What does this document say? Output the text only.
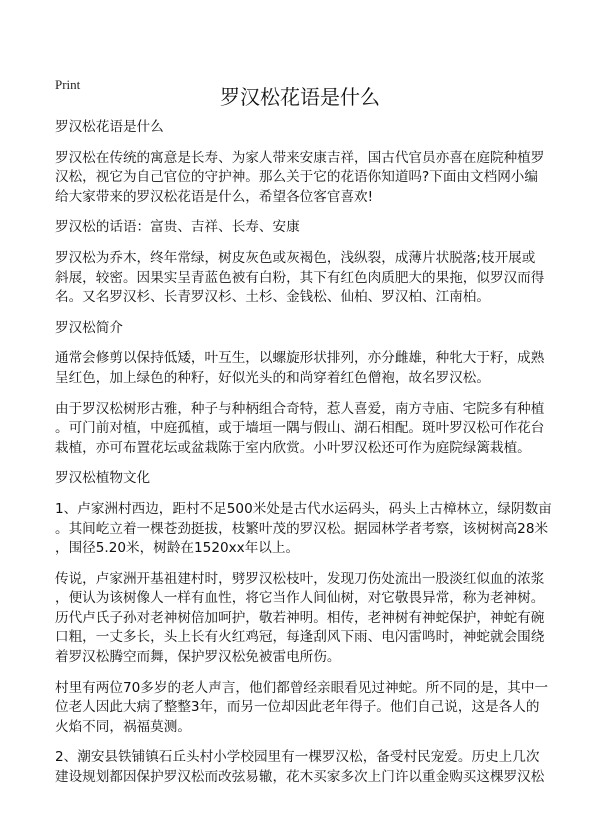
Print
罗汉松花语是什么
罗汉松花语是什么
罗汉松在传统的寓意是长寿、为家人带来安康吉祥，国古代官员亦喜在庭院种植罗
汉松，视它为自己官位的守护神。那么关于它的花语你知道吗?下面由文档网小编
给大家带来的罗汉松花语是什么，希望各位客官喜欢!
罗汉松的话语：富贵、吉祥、长寿、安康
罗汉松为乔木，终年常绿，树皮灰色或灰褐色，浅纵裂，成薄片状脱落;枝开展或
斜展，较密。因果实呈青蓝色被有白粉，其下有红色肉质肥大的果拖，似罗汉而得
名。又名罗汉杉、长青罗汉杉、土杉、金钱松、仙柏、罗汉柏、江南柏。
罗汉松简介
通常会修剪以保持低矮，叶互生，以螺旋形状排列，亦分雌雄，种牝大于籽，成熟
呈红色，加上绿色的种籽，好似光头的和尚穿着红色僧袍，故名罗汉松。
由于罗汉松树形古雅，种子与种柄组合奇特，惹人喜爱，南方寺庙、宅院多有种植
。可门前对植，中庭孤植，或于墙垣一隅与假山、湖石相配。斑叶罗汉松可作花台
栽植，亦可布置花坛或盆栽陈于室内欣赏。小叶罗汉松还可作为庭院绿篱栽植。
罗汉松植物文化
1、卢家洲村西边，距村不足500米处是古代水运码头，码头上古樟林立，绿阴数亩
。其间屹立着一棵苍劲挺拔，枝繁叶茂的罗汉松。据园林学者考察，该树树高28米
，围径5.20米，树龄在1520xx年以上。
传说，卢家洲开基祖建村时，劈罗汉松枝叶，发现刀伤处流出一股淡红似血的浓浆
，便认为该树像人一样有血性，将它当作人间仙树，对它敬畏异常，称为老神树。
历代卢氏子孙对老神树倍加呵护，敬若神明。相传，老神树有神蛇保护，神蛇有碗
口粗，一丈多长，头上长有火红鸡冠，每逢刮风下雨、电闪雷鸣时，神蛇就会围绕
着罗汉松腾空而舞，保护罗汉松免被雷电所伤。
村里有两位70多岁的老人声言，他们都曾经亲眼看见过神蛇。所不同的是，其中一
位老人因此大病了整整3年，而另一位却因此老年得子。他们自己说，这是各人的
火焰不同，祸福莫测。
2、潮安县铁铺镇石丘头村小学校园里有一棵罗汉松，备受村民宠爱。历史上几次
建设规划都因保护罗汉松而改弦易辙，花木买家多次上门许以重金购买这棵罗汉松
